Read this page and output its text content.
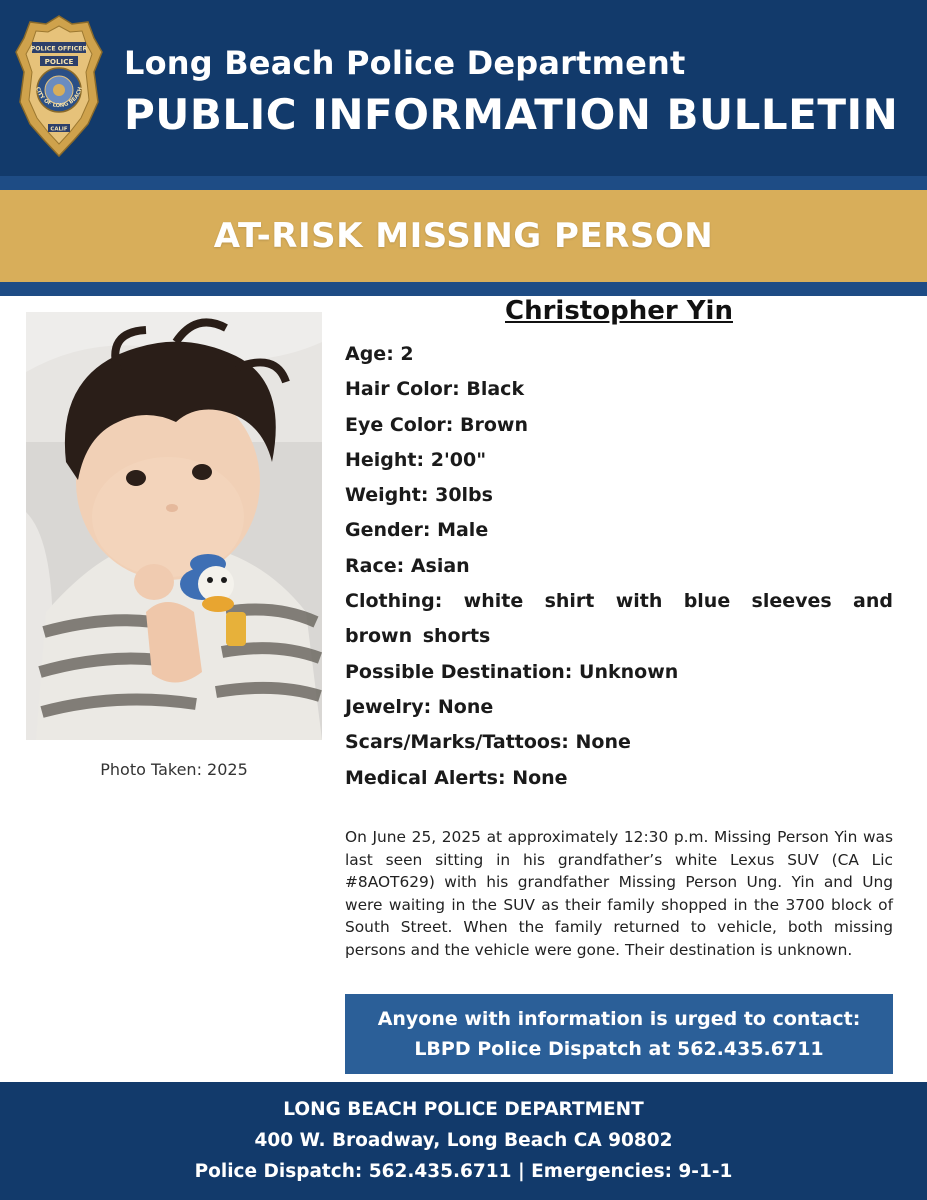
POLICE OFFICER
POLICE
CITY OF LONG BEACH
CALIF
Long Beach Police Department
PUBLIC INFORMATION BULLETIN
AT-RISK MISSING PERSON
Photo Taken: 2025
Christopher Yin
Age: 2
Hair Color: Black
Eye Color: Brown
Height: 2'00"
Weight: 30lbs
Gender: Male
Race: Asian
Clothing: white shirt with blue sleeves and brown shorts
Possible Destination: Unknown
Jewelry: None
Scars/Marks/Tattoos: None
Medical Alerts: None
On June 25, 2025 at approximately 12:30 p.m. Missing Person Yin was last seen sitting in his grandfather’s white Lexus SUV (CA Lic #8AOT629) with his grandfather Missing Person Ung. Yin and Ung were waiting in the SUV as their family shopped in the 3700 block of South Street. When the family returned to vehicle, both missing persons and the vehicle were gone. Their destination is unknown.
Anyone with information is urged to contact:
LBPD Police Dispatch at 562.435.6711
LONG BEACH POLICE DEPARTMENT
400 W. Broadway, Long Beach CA 90802
Police Dispatch: 562.435.6711 | Emergencies: 9-1-1
